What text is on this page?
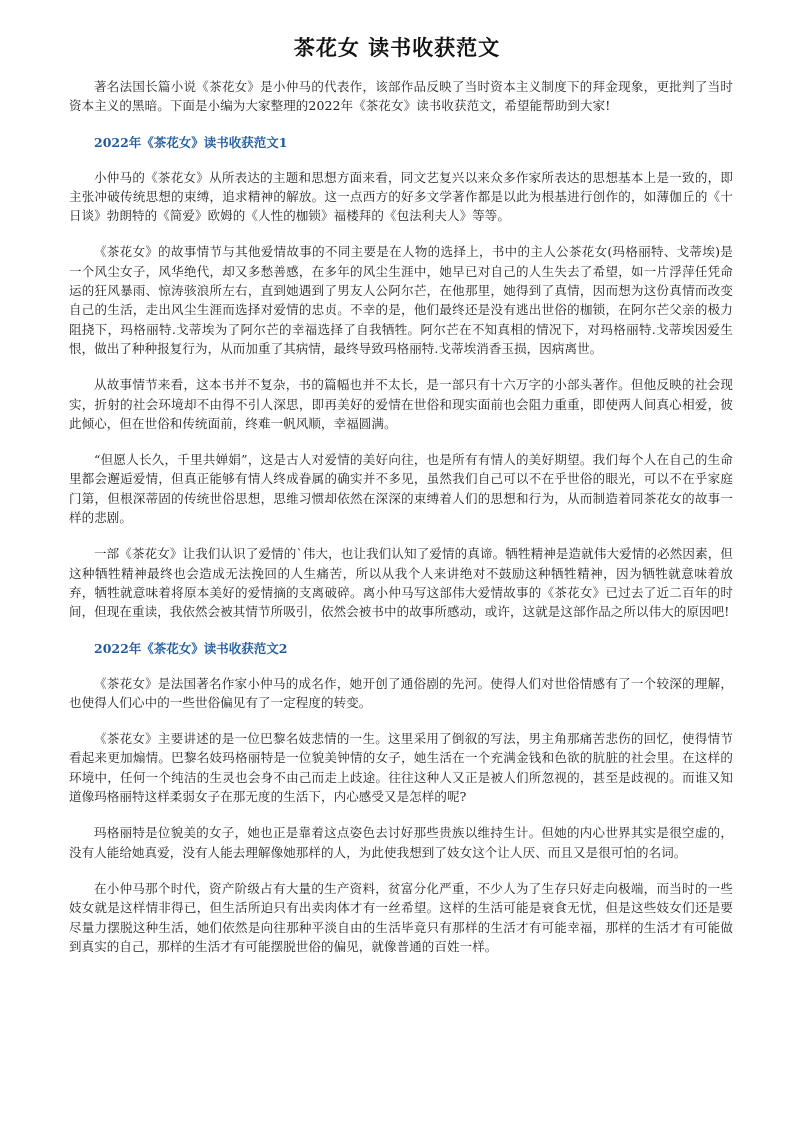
茶花女 读书收获范文

著名法国长篇小说《茶花女》是小仲马的代表作，该部作品反映了当时资本主义制度下的拜金现象，更批判了当时资本主义的黑暗。下面是小编为大家整理的2022年《茶花女》读书收获范文，希望能帮助到大家!

2022年《茶花女》读书收获范文1

小仲马的《茶花女》从所表达的主题和思想方面来看，同文艺复兴以来众多作家所表达的思想基本上是一致的，即主张冲破传统思想的束缚，追求精神的解放。这一点西方的好多文学著作都是以此为根基进行创作的，如薄伽丘的《十日谈》勃朗特的《简爱》欧姆的《人性的枷锁》福楼拜的《包法利夫人》等等。

《茶花女》的故事情节与其他爱情故事的不同主要是在人物的选择上，书中的主人公茶花女(玛格丽特、戈蒂埃)是一个风尘女子，风华绝代，却又多愁善感，在多年的风尘生涯中，她早已对自己的人生失去了希望，如一片浮萍任凭命运的狂风暴雨、惊涛骇浪所左右，直到她遇到了男友人公阿尔芒，在他那里，她得到了真情，因而想为这份真情而改变自己的生活，走出风尘生涯而选择对爱情的忠贞。不幸的是，他们最终还是没有逃出世俗的枷锁，在阿尔芒父亲的极力阻挠下，玛格丽特.戈蒂埃为了阿尔芒的幸福选择了自我牺牲。阿尔芒在不知真相的情况下，对玛格丽特.戈蒂埃因爱生恨，做出了种种报复行为，从而加重了其病情，最终导致玛格丽特.戈蒂埃消香玉损，因病离世。

从故事情节来看，这本书并不复杂，书的篇幅也并不太长，是一部只有十六万字的小部头著作。但他反映的社会现实，折射的社会环境却不由得不引人深思，即再美好的爱情在世俗和现实面前也会阻力重重，即使两人间真心相爱，彼此倾心，但在世俗和传统面前，终难一帆风顺，幸福圆满。

“但愿人长久，千里共婵娟”，这是古人对爱情的美好向往，也是所有有情人的美好期望。我们每个人在自己的生命里都会邂逅爱情，但真正能够有情人终成眷属的确实并不多见，虽然我们自己可以不在乎世俗的眼光，可以不在乎家庭门第，但根深蒂固的传统世俗思想，思维习惯却依然在深深的束缚着人们的思想和行为，从而制造着同茶花女的故事一样的悲剧。

一部《茶花女》让我们认识了爱情的`伟大，也让我们认知了爱情的真谛。牺牲精神是造就伟大爱情的必然因素，但这种牺牲精神最终也会造成无法挽回的人生痛苦，所以从我个人来讲绝对不鼓励这种牺牲精神，因为牺牲就意味着放弃，牺牲就意味着将原本美好的爱情摘的支离破碎。离小仲马写这部伟大爱情故事的《茶花女》已过去了近二百年的时间，但现在重读，我依然会被其情节所吸引，依然会被书中的故事所感动，或许，这就是这部作品之所以伟大的原因吧!

2022年《茶花女》读书收获范文2

《茶花女》是法国著名作家小仲马的成名作，她开创了通俗剧的先河。使得人们对世俗情感有了一个较深的理解，也使得人们心中的一些世俗偏见有了一定程度的转变。

《茶花女》主要讲述的是一位巴黎名妓悲情的一生。这里采用了倒叙的写法，男主角那痛苦悲伤的回忆，使得情节看起来更加煽情。巴黎名妓玛格丽特是一位貌美钟情的女子，她生活在一个充满金钱和色欲的肮脏的社会里。在这样的环境中，任何一个纯洁的生灵也会身不由己而走上歧途。往往这种人又正是被人们所忽视的，甚至是歧视的。而谁又知道像玛格丽特这样柔弱女子在那无度的生活下，内心感受又是怎样的呢?

玛格丽特是位貌美的女子，她也正是靠着这点姿色去讨好那些贵族以维持生计。但她的内心世界其实是很空虚的，没有人能给她真爱，没有人能去理解像她那样的人，为此使我想到了妓女这个让人厌、而且又是很可怕的名词。

在小仲马那个时代，资产阶级占有大量的生产资料，贫富分化严重，不少人为了生存只好走向极端，而当时的一些妓女就是这样情非得已，但生活所迫只有出卖肉体才有一丝希望。这样的生活可能是衰食无忧，但是这些妓女们还是要尽量力摆脱这种生活，她们依然是向往那种平淡自由的生活毕竟只有那样的生活才有可能幸福，那样的生活才有可能做到真实的自己，那样的生活才有可能摆脱世俗的偏见，就像普通的百姓一样。
